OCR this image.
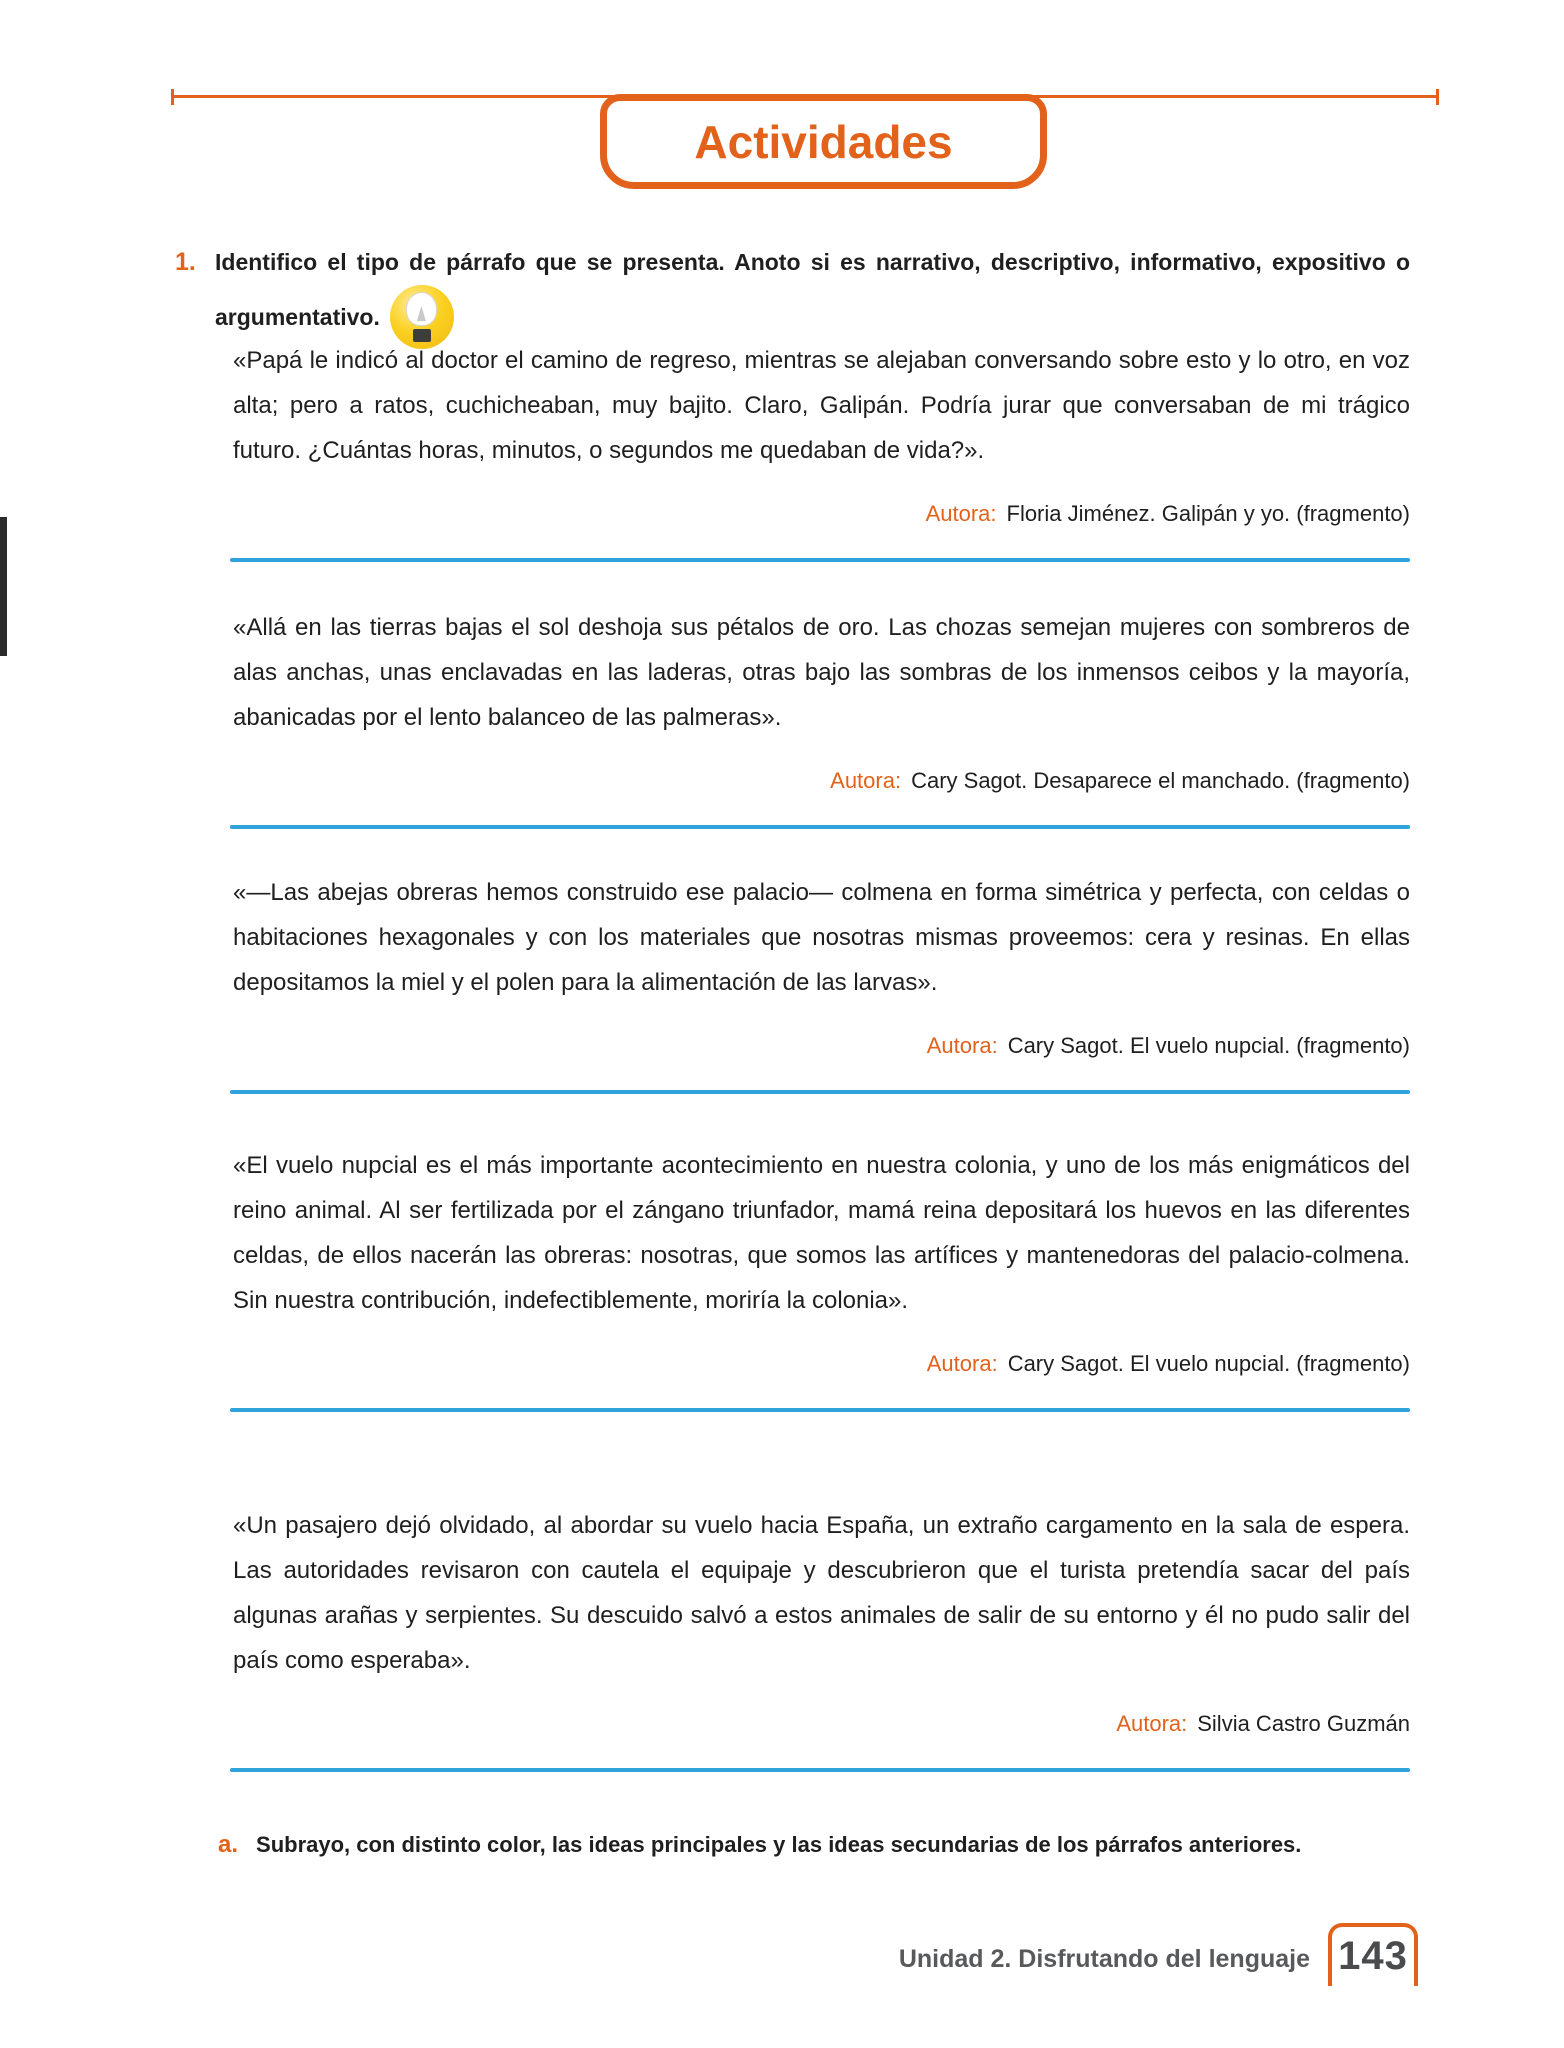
Actividades
1. Identifico el tipo de párrafo que se presenta. Anoto si es narrativo, descriptivo, informativo, expositivo o argumentativo.
«Papá le indicó al doctor el camino de regreso, mientras se alejaban conversando sobre esto y lo otro, en voz alta; pero a ratos, cuchicheaban, muy bajito. Claro, Galipán. Podría jurar que conversaban de mi trágico futuro. ¿Cuántas horas, minutos, o segundos me quedaban de vida?».
Autora: Floria Jiménez. Galipán y yo. (fragmento)
«Allá en las tierras bajas el sol deshoja sus pétalos de oro. Las chozas semejan mujeres con sombreros de alas anchas, unas enclavadas en las laderas, otras bajo las sombras de los inmensos ceibos y la mayoría, abanicadas por el lento balanceo de las palmeras».
Autora: Cary Sagot. Desaparece el manchado. (fragmento)
«—Las abejas obreras hemos construido ese palacio— colmena en forma simétrica y perfecta, con celdas o habitaciones hexagonales y con los materiales que nosotras mismas proveemos: cera y resinas. En ellas depositamos la miel y el polen para la alimentación de las larvas».
Autora: Cary Sagot. El vuelo nupcial. (fragmento)
«El vuelo nupcial es el más importante acontecimiento en nuestra colonia, y uno de los más enigmáticos del reino animal. Al ser fertilizada por el zángano triunfador, mamá reina depositará los huevos en las diferentes celdas, de ellos nacerán las obreras: nosotras, que somos las artífices y mantenedoras del palacio-colmena. Sin nuestra contribución, indefectiblemente, moriría la colonia».
Autora: Cary Sagot. El vuelo nupcial. (fragmento)
«Un pasajero dejó olvidado, al abordar su vuelo hacia España, un extraño cargamento en la sala de espera. Las autoridades revisaron con cautela el equipaje y descubrieron que el turista pretendía sacar del país algunas arañas y serpientes. Su descuido salvó a estos animales de salir de su entorno y él no pudo salir del país como esperaba».
Autora: Silvia Castro Guzmán
a. Subrayo, con distinto color, las ideas principales y las ideas secundarias de los párrafos anteriores.
Unidad 2. Disfrutando del lenguaje 143
